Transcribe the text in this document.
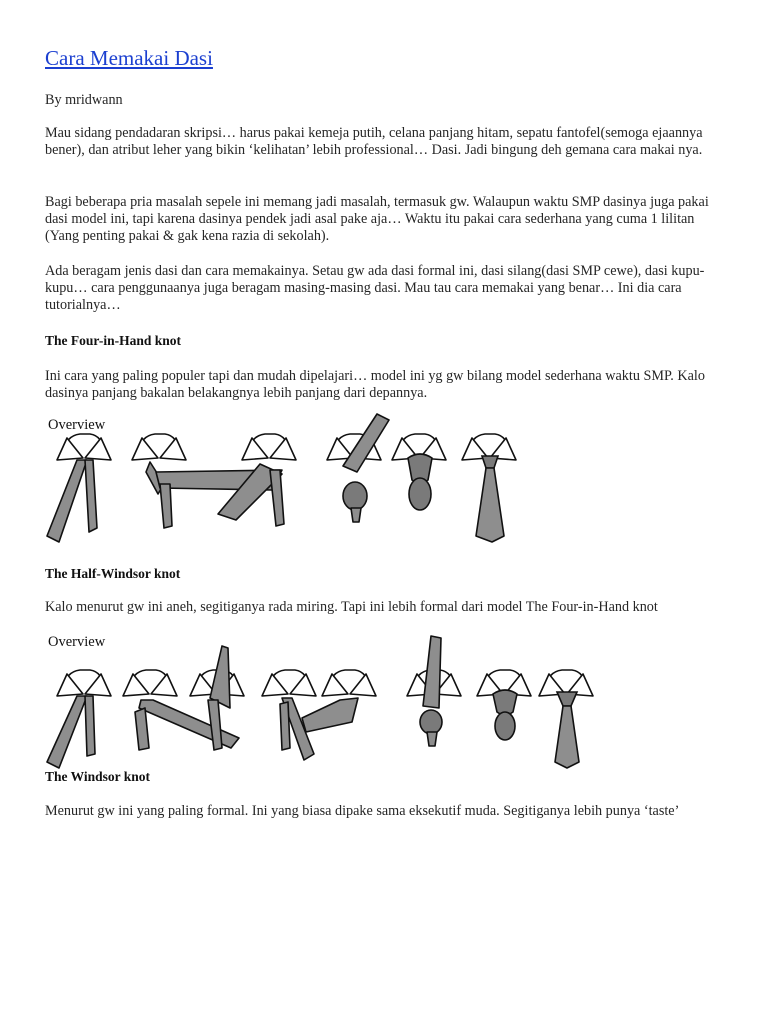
Cara Memakai Dasi

By mridwann

Mau sidang pendadaran skripsi… harus pakai kemeja putih, celana panjang hitam, sepatu fantofel(semoga ejaannya bener), dan atribut leher yang bikin ‘kelihatan’ lebih professional… Dasi. Jadi bingung deh gemana cara makai nya.

Bagi beberapa pria masalah sepele ini memang jadi masalah, termasuk gw. Walaupun waktu SMP dasinya juga pakai dasi model ini, tapi karena dasinya pendek jadi asal pake aja… Waktu itu pakai cara sederhana yang cuma 1 lilitan (Yang penting pakai & gak kena razia di sekolah).

Ada beragam jenis dasi dan cara memakainya. Setau gw ada dasi formal ini, dasi silang(dasi SMP cewe), dasi kupu-kupu… cara penggunaanya juga beragam masing-masing dasi. Mau tau cara memakai yang benar… Ini dia cara tutorialnya…

The Four-in-Hand knot

Ini cara yang paling populer tapi dan mudah dipelajari… model ini yg gw bilang model sederhana waktu SMP. Kalo dasinya panjang bakalan belakangnya lebih panjang dari depannya.

Overview

The Half-Windsor knot

Kalo menurut gw ini aneh, segitiganya rada miring. Tapi ini lebih formal dari model The Four-in-Hand knot

Overview

The Windsor knot

Menurut gw ini yang paling formal. Ini yang biasa dipake sama eksekutif muda. Segitiganya lebih punya ‘taste’
